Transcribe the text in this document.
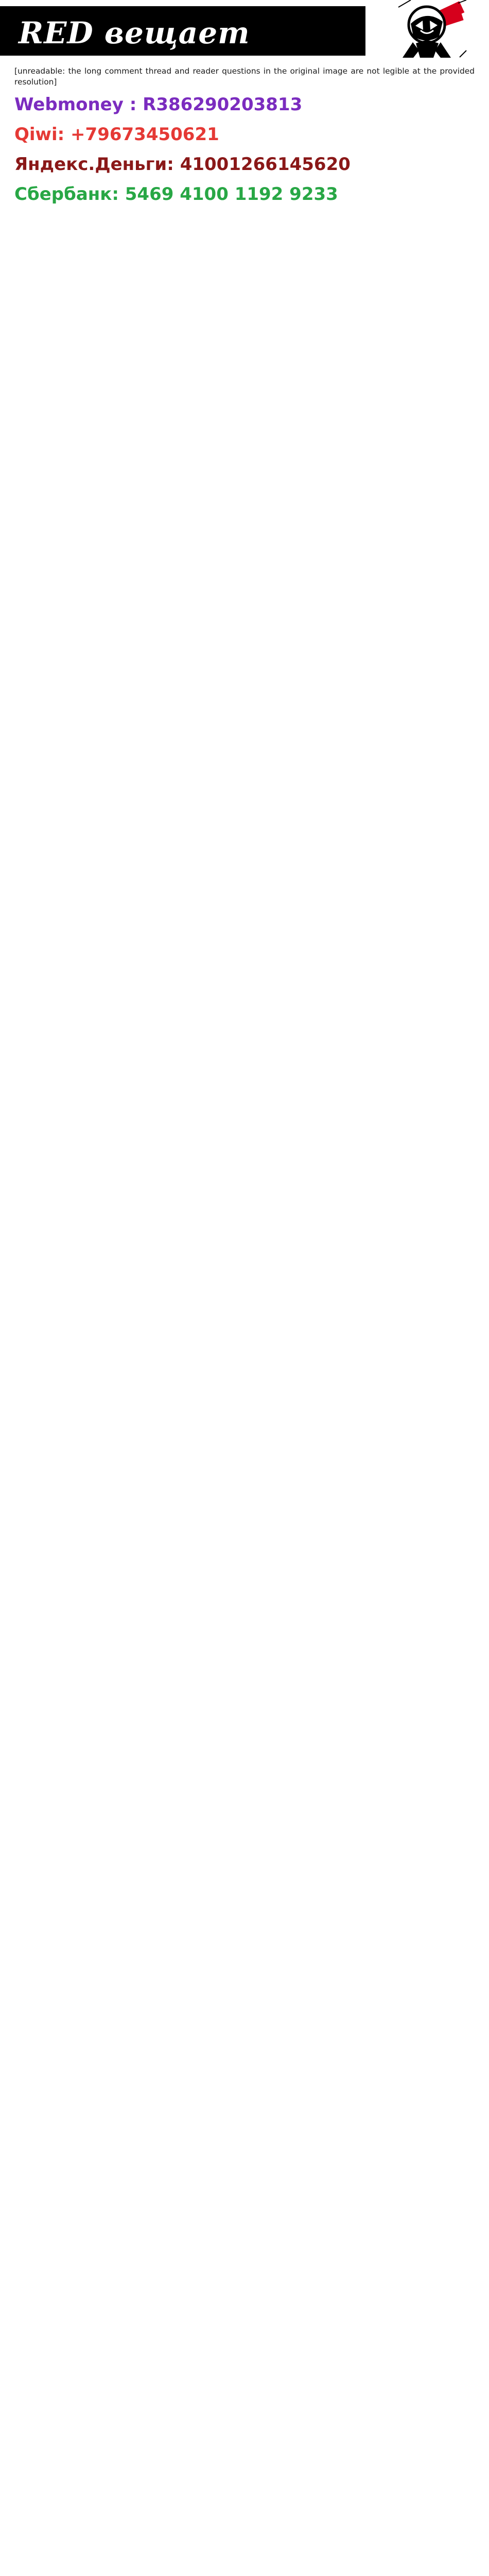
RED вещает

[unreadable: the long comment thread and reader questions in the original image are not legible at the provided resolution]

Webmoney : R386290203813
Qiwi: +79673450621
Яндекс.Деньги: 41001266145620
Сбербанк: 5469 4100 1192 9233
